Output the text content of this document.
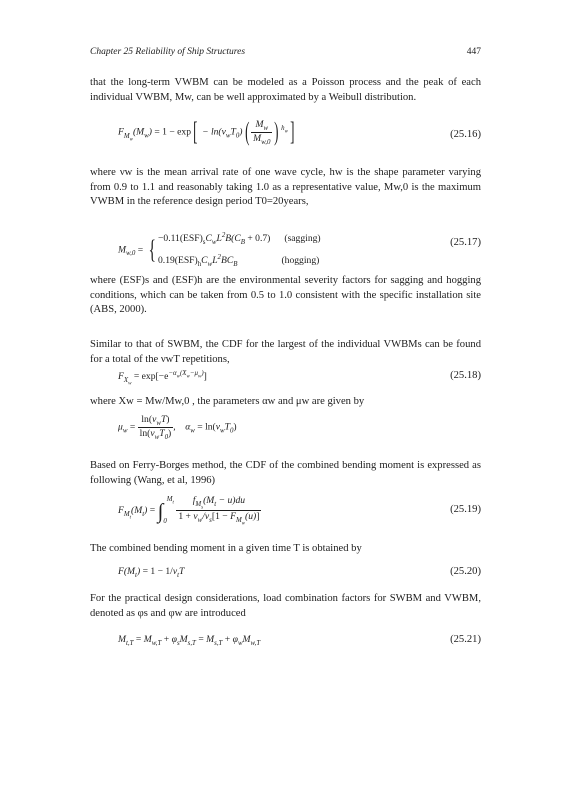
Chapter 25 Reliability of Ship Structures	447

that the long-term VWBM can be modeled as a Poisson process and the peak of each individual VWBM, Mw, can be well approximated by a Weibull distribution.

$F_{M_w}(M_w) = 1 - \exp[ - \ln(\nu_wT_0)( \frac{M_w}{M_{w,0}}$ ) $^{h_w}$]	(25.16)

where νw is the mean arrival rate of one wave cycle, hw is the shape parameter varying from 0.9 to 1.1 and reasonably taking 1.0 as a representative value, Mw,0 is the maximum VWBM in the reference design period T0=20years,

$M_{w,0}$ = { $-0.11(ESF)_sC_wL^2B(C_B + 0.7)$ (sagging)
$0.19(ESF)_hC_wL^2BC_B$	(hogging)
(25.17)

where (ESF)s and (ESF)h are the environmental severity factors for sagging and hogging conditions, which can be taken from 0.5 to 1.0 consistent with the specific installation site (ABS, 2000).

Similar to that of SWBM, the CDF for the largest of the individual VWBMs can be found for a total of the νwT repetitions,

$F_{X_w} = \exp[-e^{-\alpha_w(X_w-\mu_w)}]$	(25.18)

where Xw = Mw/Mw,0 , the parameters αw and μw are given by

$\mu_w = \frac{\ln(\nu_wT)}{\ln(\nu_wT_0)}$ ,    $\alpha_w = \ln(\nu_wT_0)$

Based on Ferry-Borges method, the CDF of the combined bending moment is expressed as following (Wang, et al, 1996)

$F_{M_t}(M_t) = \int_0^{M_t} \frac{f_{M_s}(M_t - u)du}{1 + \nu_w/\nu_s[1 - F_{M_w}(u)]}$	(25.19)

The combined bending moment in a given time T is obtained by

$F(M_t) = 1 - 1/\nu_tT$	(25.20)

For the practical design considerations, load combination factors for SWBM and VWBM, denoted as φs and φw are introduced

$M_{t,T} = M_{w,T} + \varphi_sM_{s,T} = M_{s,T} + \varphi_wM_{w,T}$	(25.21)
